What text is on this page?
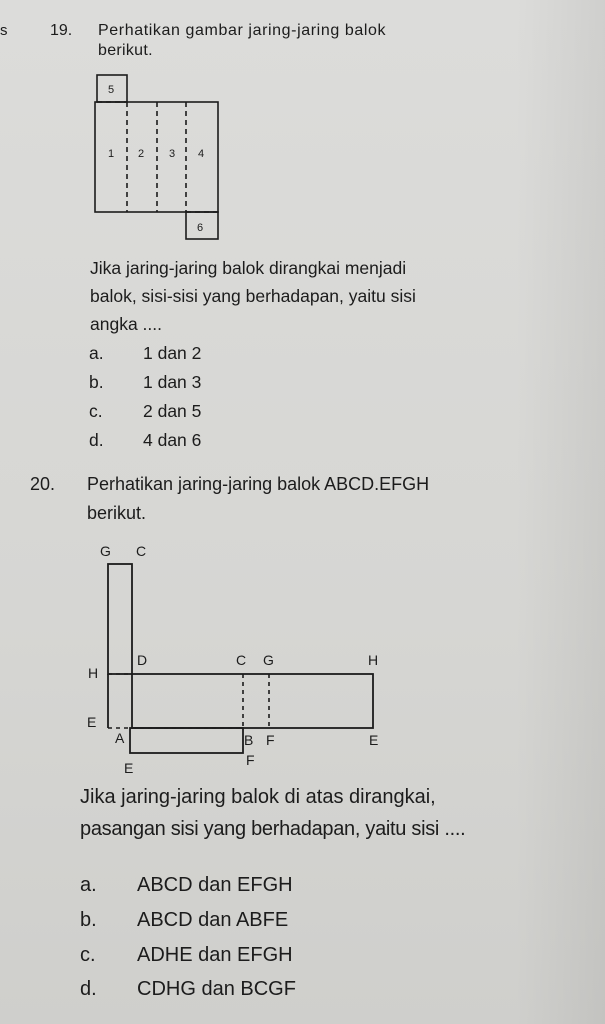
s	19. Perhatikan gambar jaring-jaring balok
berikut.
5
1 2 3 4
6
G C
H
D	C G	H
E
A	B F	E
E	F
Jika jaring-jaring balok dirangkai menjadi
balok, sisi-sisi yang berhadapan, yaitu sisi
angka ....
a. 1 dan 2
b. 1 dan 3
c. 2 dan 5
d. 4 dan 6
20. Perhatikan jaring-jaring balok ABCD.EFGH
berikut.
Jika jaring-jaring balok di atas dirangkai,
pasangan sisi yang berhadapan, yaitu sisi ....
a. ABCD dan EFGH
b. ABCD dan ABFE
c. ADHE dan EFGH
d. CDHG dan BCGF
